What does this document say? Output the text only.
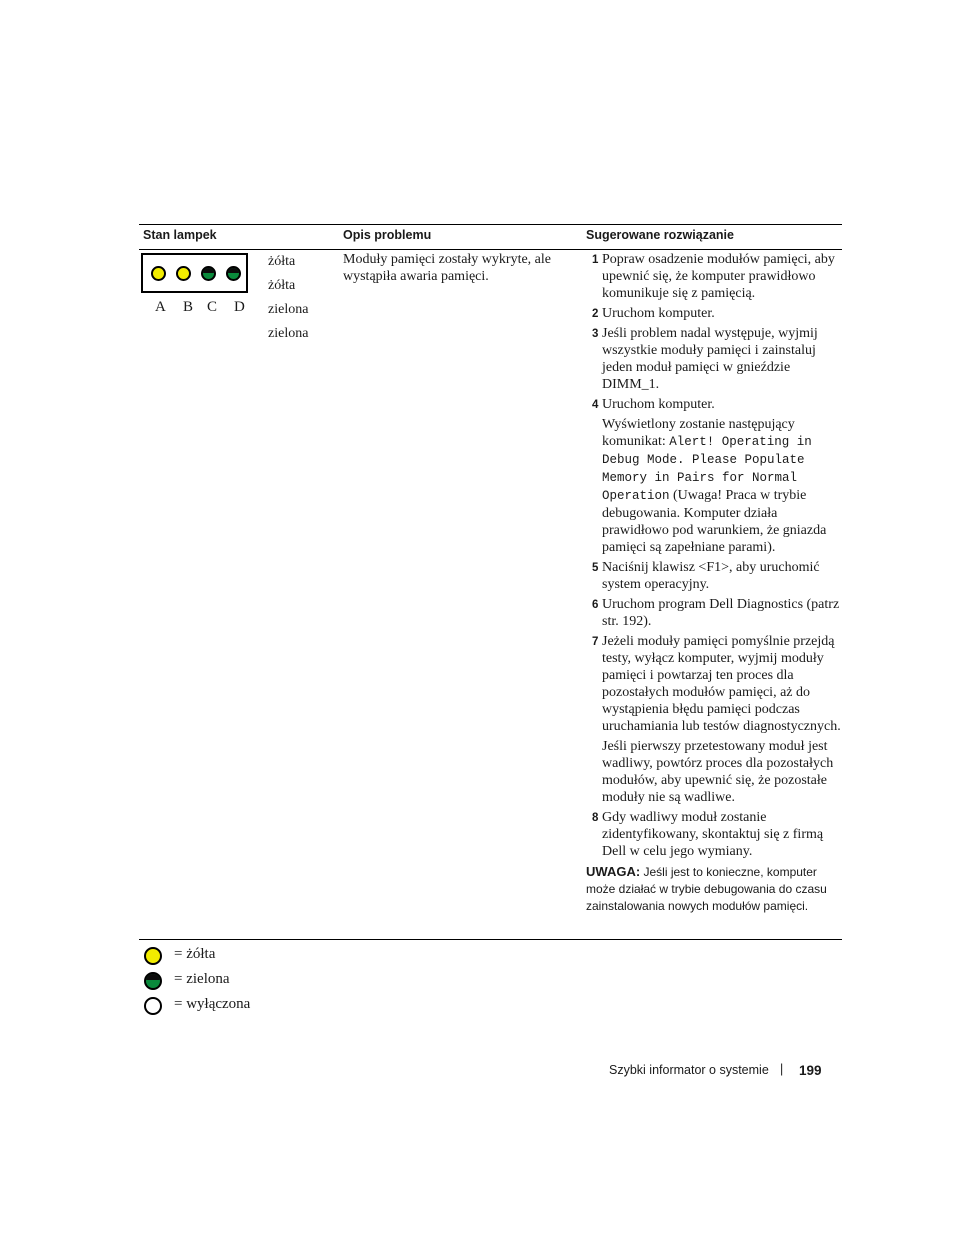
Stan lampek	Opis problemu	Sugerowane rozwiązanie
A B C D
żółta
żółta
zielona
zielona
Moduły pamięci zostały wykryte, ale wystąpiła awaria pamięci.
1 Popraw osadzenie modułów pamięci, aby upewnić się, że komputer prawidłowo komunikuje się z pamięcią.
2 Uruchom komputer.
3 Jeśli problem nadal występuje, wyjmij wszystkie moduły pamięci i zainstaluj jeden moduł pamięci w gnieździe DIMM_1.
4 Uruchom komputer.
Wyświetlony zostanie następujący komunikat: Alert! Operating in Debug Mode. Please Populate Memory in Pairs for Normal Operation (Uwaga! Praca w trybie debugowania. Komputer działa prawidłowo pod warunkiem, że gniazda pamięci są zapełniane parami).
5 Naciśnij klawisz <F1>, aby uruchomić system operacyjny.
6 Uruchom program Dell Diagnostics (patrz str. 192).
7 Jeżeli moduły pamięci pomyślnie przejdą testy, wyłącz komputer, wyjmij moduły pamięci i powtarzaj ten proces dla pozostałych modułów pamięci, aż do wystąpienia błędu pamięci podczas uruchamiania lub testów diagnostycznych.
Jeśli pierwszy przetestowany moduł jest wadliwy, powtórz proces dla pozostałych modułów, aby upewnić się, że pozostałe moduły nie są wadliwe.
8 Gdy wadliwy moduł zostanie zidentyfikowany, skontaktuj się z firmą Dell w celu jego wymiany.
UWAGA: Jeśli jest to konieczne, komputer może działać w trybie debugowania do czasu zainstalowania nowych modułów pamięci.
= żółta
= zielona
= wyłączona
Szybki informator o systemie | 199
